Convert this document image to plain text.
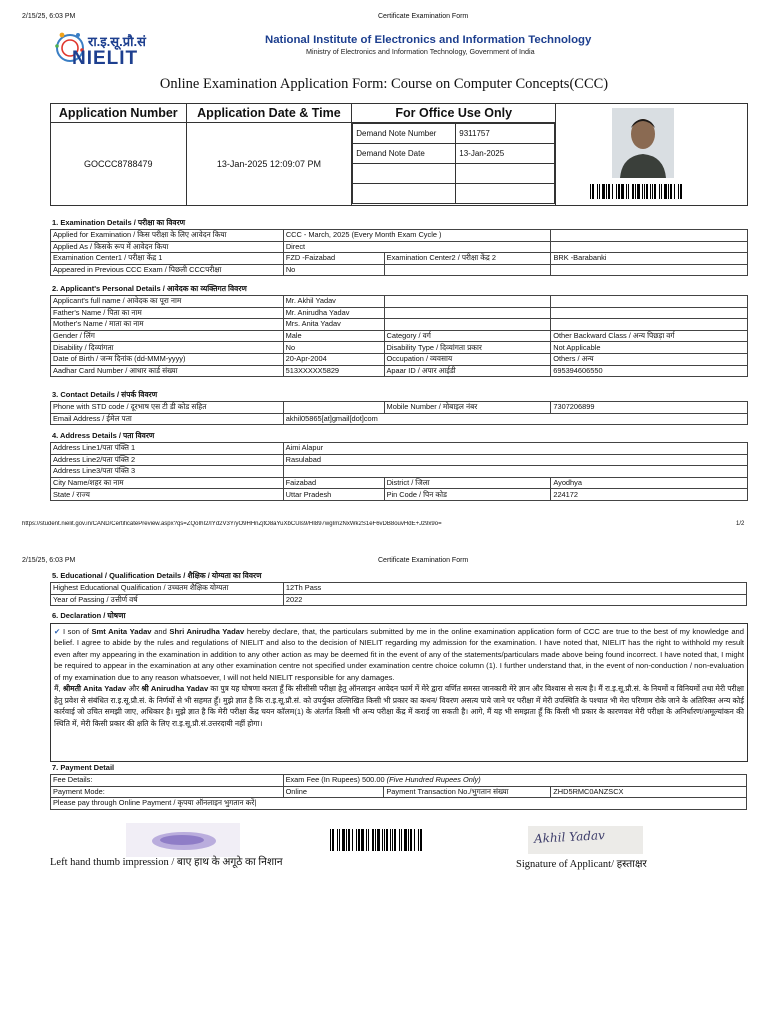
2/15/25, 6:03 PM	Certificate Examination Form
रा.इ.सू.प्रौ.सं
NIELIT
National Institute of Electronics and Information Technology
Ministry of Electronics and Information Technology, Government of India
Online Examination Application Form: Course on Computer Concepts(CCC)
Application Number	Application Date & Time	For Office Use Only	

GOCCC8788479	13-Jan-2025 12:09:07 PM	
Demand Note Number	9311757
Demand Note Date	13-Jan-2025

1. Examination Details / परीक्षा का विवरण
Applied for Examination / किस परीक्षा के लिए आवेदन किया	CCC - March, 2025 (Every Month Exam Cycle )		
Applied As / किसके रूप में आवेदन किया	Direct		
Examination Center1 / परीक्षा केंद्र 1	FZD -Faizabad	Examination Center2 / परीक्षा केंद्र 2	BRK -Barabanki
Appeared in Previous CCC Exam / पिछली CCCपरीक्षा	No		
2. Applicant's Personal Details / आवेदक का व्यक्तिगत विवरण
Applicant's full name / आवेदक का पूरा नाम	Mr. Akhil Yadav		
Father's Name / पिता का नाम	Mr. Anirudha Yadav		
Mother's Name / माता का नाम	Mrs. Anita Yadav		
Gender / लिंग	Male	Category / वर्ग	Other Backward Class / अन्य पिछड़ा वर्ग
Disability / दिव्यांगता	No	Disability Type / दिव्यांगता प्रकार	Not Applicable
Date of Birth / जन्म दिनांक (dd-MMM-yyyy)	20-Apr-2004	Occupation / व्यवसाय	Others / अन्य
Aadhar Card Number / आधार कार्ड संख्या	513XXXXX5829	Apaar ID / अपार आईडी	695394606550
3. Contact Details / संपर्क विवरण
Phone with STD code / दूरभाष एस टी डी कोड सहित		Mobile Number / मोबाइल नंबर	7307206899
Email Address / ईमेल पता	akhil05865[at]gmail[dot]com		
4. Address Details / पता विवरण
Address Line1/पता पंक्ति 1	Aimi Alapur		
Address Line2/पता पंक्ति 2	Rasulabad		
Address Line3/पता पंक्ति 3			
City Name/शहर का नाम	Faizabad	District / जिला	Ayodhya
State / राज्य	Uttar Pradesh	Pin Code / पिन कोड	224172
https://student.nielit.gov.in/CAND/CertificatePreview.aspx?qs=ZQoIhI2/IYd2V3Y/yO9HHnZjtO8aYuXbCUls9/HI897wgIm2NxWk2S1eF6vDB8ouvHdE+Jz9x9o=	1/2
2/15/25, 6:03 PM	Certificate Examination Form
5. Educational / Qualification Details / शैक्षिक / योग्यता का विवरण
Highest Educational Qualification / उच्चतम शैक्षिक योग्यता	12Th Pass
Year of Passing / उत्तीर्ण वर्ष	2022
6. Declaration / घोषणा
✔ I son of Smt Anita Yadav and Shri Anirudha Yadav hereby declare, that, the particulars submitted by me in the online examination application form of CCC are true to the best of my knowledge and belief. I agree to abide by the rules and regulations of NIELIT and also to the decision of NIELIT regarding my admission for the examination. I have noted that, NIELIT has the right to withhold my result even after my appearing in the examination in addition to any other action as may be deemed fit in the event of any of the statements/particulars made above being found incorrect. I have noted that, I might be required to appear in the examination at any other examination centre not specified under examination centre choice column (1). I further understand that, in the event of non-conduction / non-evaluation of my examination due to any reason whatsoever, I will not held NIELIT responsible for any damages.
मैं, श्रीमती Anita Yadav और श्री Anirudha Yadav का पुत्र यह घोषणा करता हूँ कि सीसीसी परीक्षा हेतु ऑनलाइन आवेदन फार्म में मेरे द्वारा वर्णित समस्त जानकारी मेरे ज्ञान और विश्वास से सत्य है। मैं रा.इ.सू.प्रौ.सं. के नियमों व विनियमों तथा मेरी परीक्षा हेतु प्रवेश से संबंधित रा.इ.सू.प्रौ.सं. के निर्णयों से भी सहमत हूँ। मुझे ज्ञात है कि रा.इ.सू.प्रौ.सं. को उपर्युक्त उल्लिखित किसी भी प्रकार का कथन/ विवरण असत्य पाये जाने पर परीक्षा में मेरी उपस्थिति के पश्चात भी मेरा परिणाम रोके जाने के अतिरिक्त अन्य कोई कार्रवाई जो उचित समझी जाए, अधिकार है। मुझे ज्ञात है कि मेरी परीक्षा केंद्र चयन कॉलम(1) के अंतर्गत किसी भी अन्य परीक्षा केंद्र में कराई जा सकती है। आगे, मैं यह भी समझता हूँ कि किसी भी प्रकार के कारणवश मेरी परीक्षा के अनिर्धारण/अमूल्यांकन की स्थिति में, मेरी किसी प्रकार की क्षति के लिए रा.इ.सू.प्रौ.सं.उत्तरदायी नहीं होगा।
7. Payment Detail
Fee Details:	Exam Fee (In Rupees) 500.00 (Five Hundred Rupees Only)		
Payment Mode:	Online	Payment Transaction No./भुगतान संख्या	ZHD5RMC0ANZSCX
Please pay through Online Payment / कृपया ऑनलाइन भुगतान करें|			
Akhil Yadav
Left hand thumb impression / बाए हाथ के अगूठे का निशान	Signature of Applicant/ हस्ताक्षर
